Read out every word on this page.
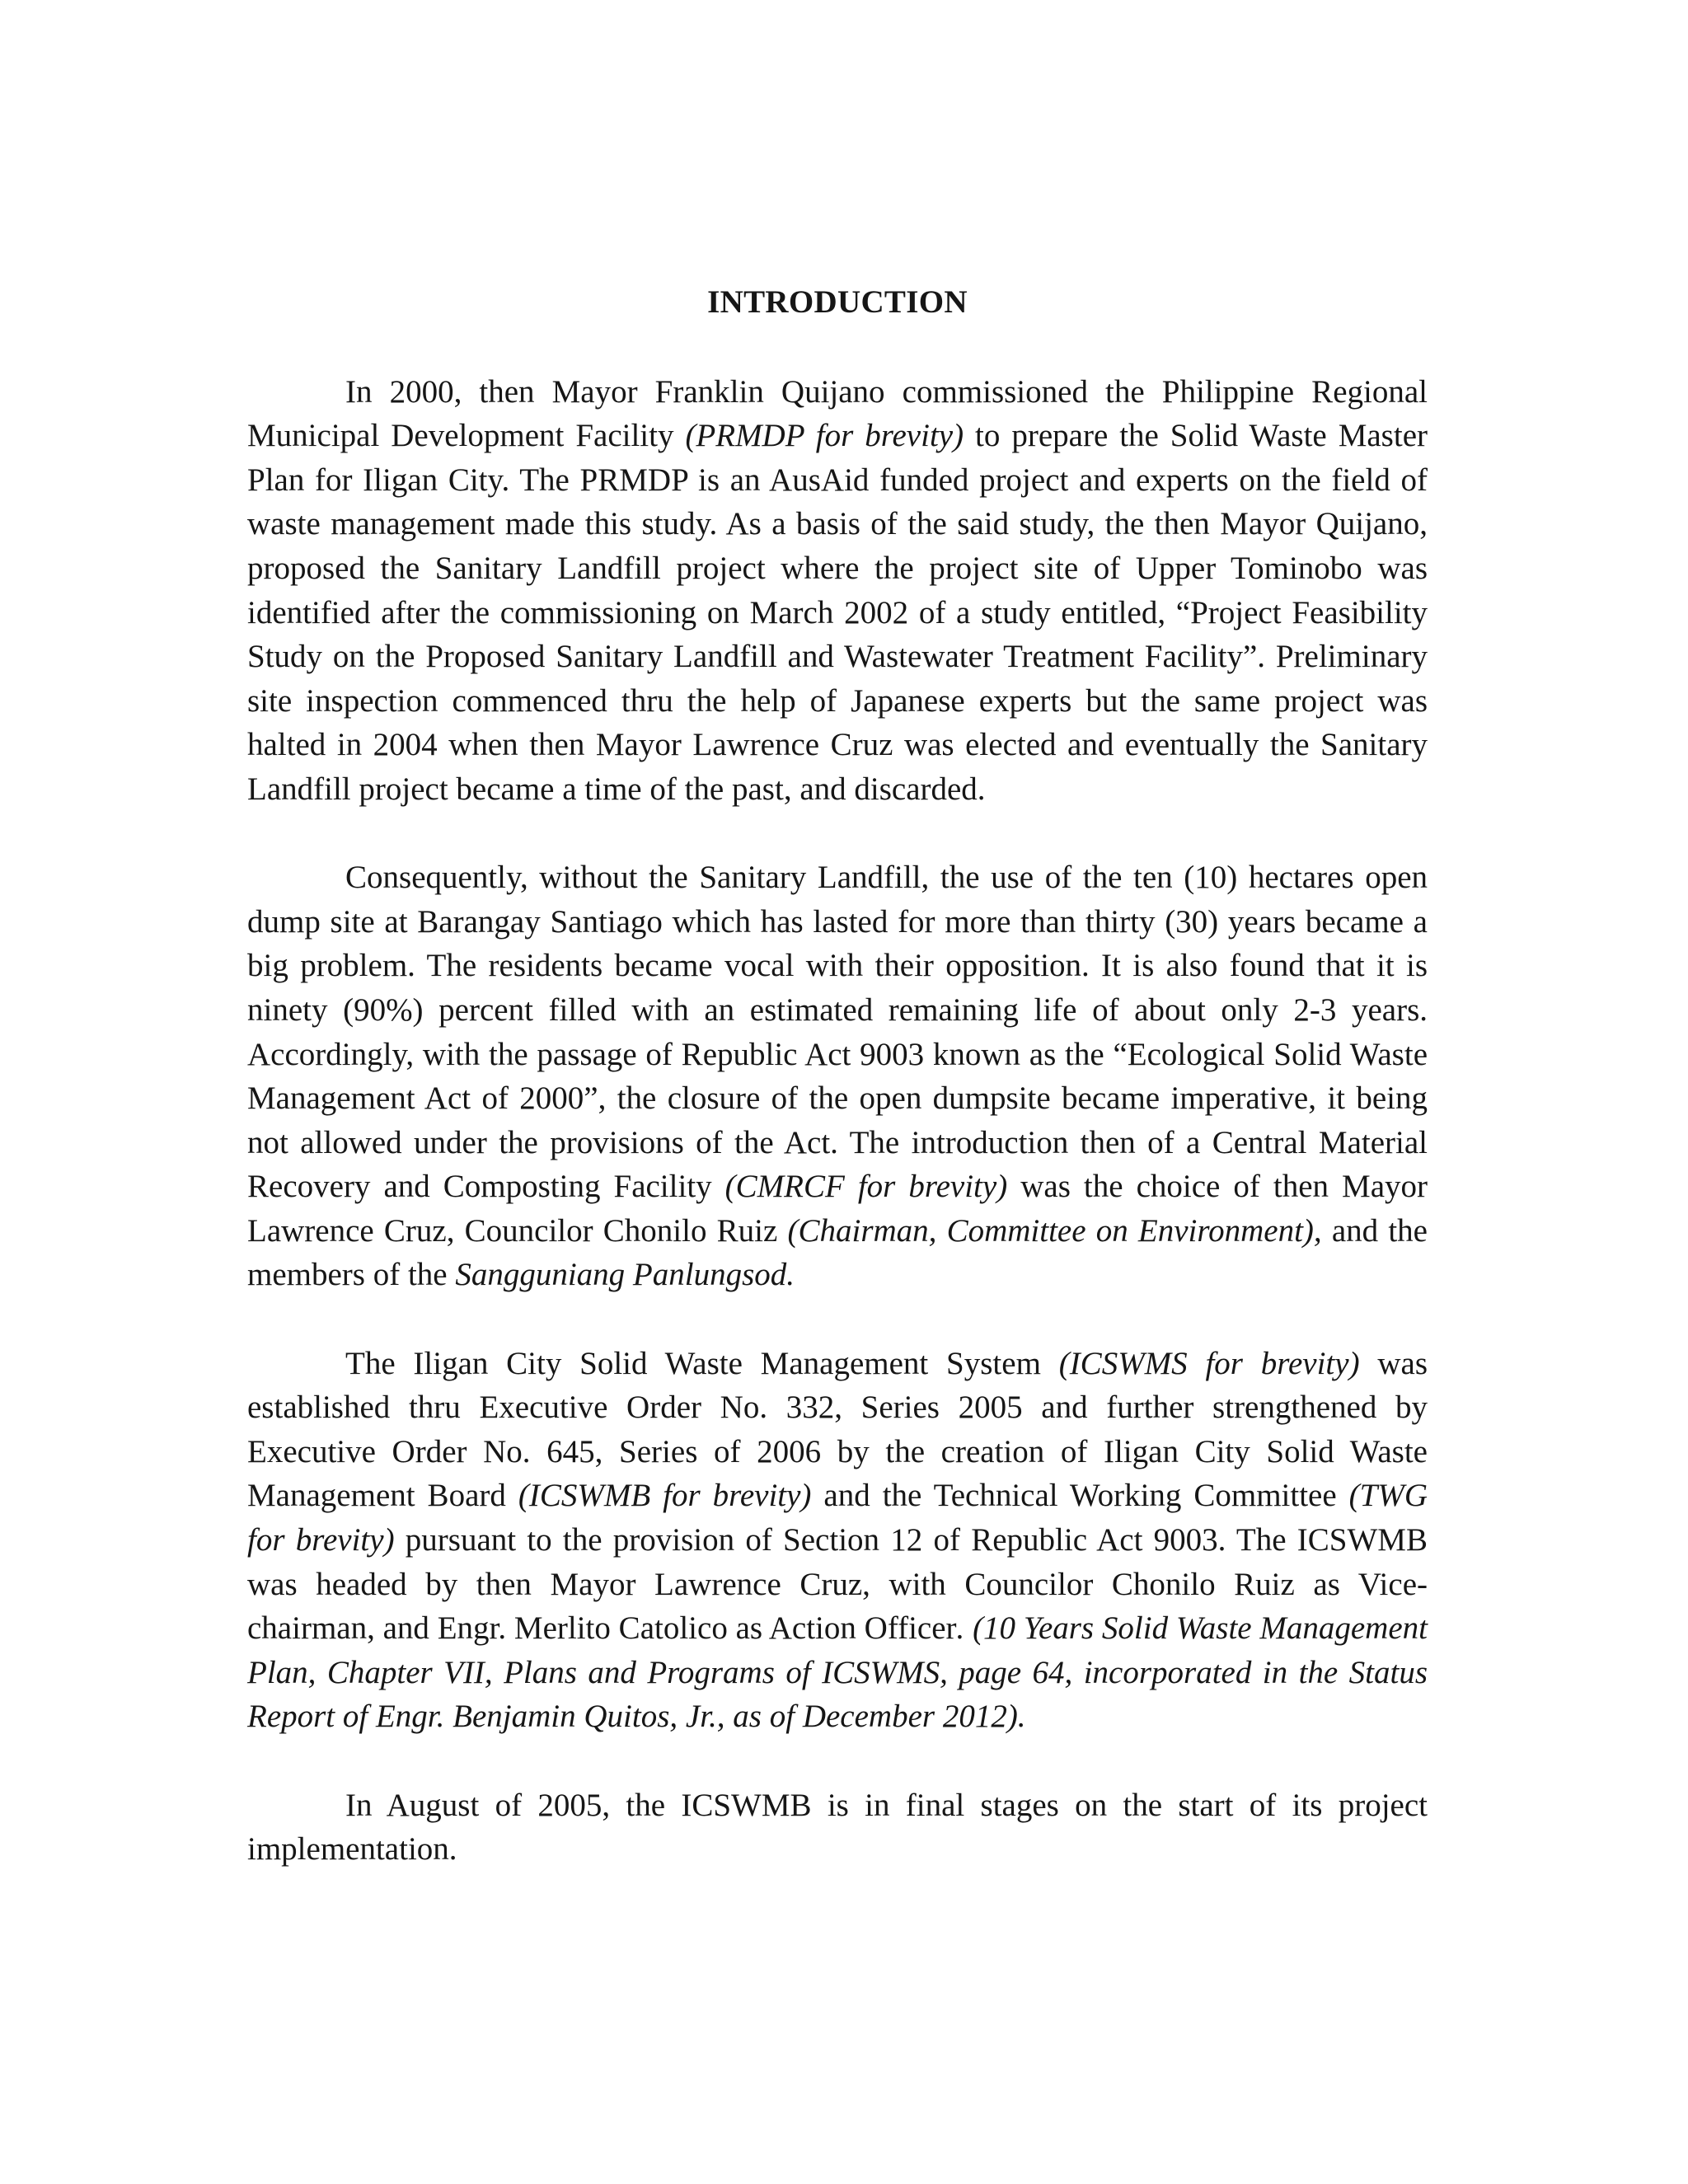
INTRODUCTION

In 2000, then Mayor Franklin Quijano commissioned the Philippine Regional Municipal Development Facility (PRMDP for brevity) to prepare the Solid Waste Master Plan for Iligan City. The PRMDP is an AusAid funded project and experts on the field of waste management made this study. As a basis of the said study, the then Mayor Quijano, proposed the Sanitary Landfill project where the project site of Upper Tominobo was identified after the commissioning on March 2002 of a study entitled, “Project Feasibility Study on the Proposed Sanitary Landfill and Wastewater Treatment Facility”. Preliminary site inspection commenced thru the help of Japanese experts but the same project was halted in 2004 when then Mayor Lawrence Cruz was elected and eventually the Sanitary Landfill project became a time of the past, and discarded.

Consequently, without the Sanitary Landfill, the use of the ten (10) hectares open dump site at Barangay Santiago which has lasted for more than thirty (30) years became a big problem. The residents became vocal with their opposition. It is also found that it is ninety (90%) percent filled with an estimated remaining life of about only 2-3 years. Accordingly, with the passage of Republic Act 9003 known as the “Ecological Solid Waste Management Act of 2000”, the closure of the open dumpsite became imperative, it being not allowed under the provisions of the Act. The introduction then of a Central Material Recovery and Composting Facility (CMRCF for brevity) was the choice of then Mayor Lawrence Cruz, Councilor Chonilo Ruiz (Chairman, Committee on Environment), and the members of the Sangguniang Panlungsod.

The Iligan City Solid Waste Management System (ICSWMS for brevity) was established thru Executive Order No. 332, Series 2005 and further strengthened by Executive Order No. 645, Series of 2006 by the creation of Iligan City Solid Waste Management Board (ICSWMB for brevity) and the Technical Working Committee (TWG for brevity) pursuant to the provision of Section 12 of Republic Act 9003. The ICSWMB was headed by then Mayor Lawrence Cruz, with Councilor Chonilo Ruiz as Vice-chairman, and Engr. Merlito Catolico as Action Officer. (10 Years Solid Waste Management Plan, Chapter VII, Plans and Programs of ICSWMS, page 64, incorporated in the Status Report of Engr. Benjamin Quitos, Jr., as of December 2012).

In August of 2005, the ICSWMB is in final stages on the start of its project implementation.
